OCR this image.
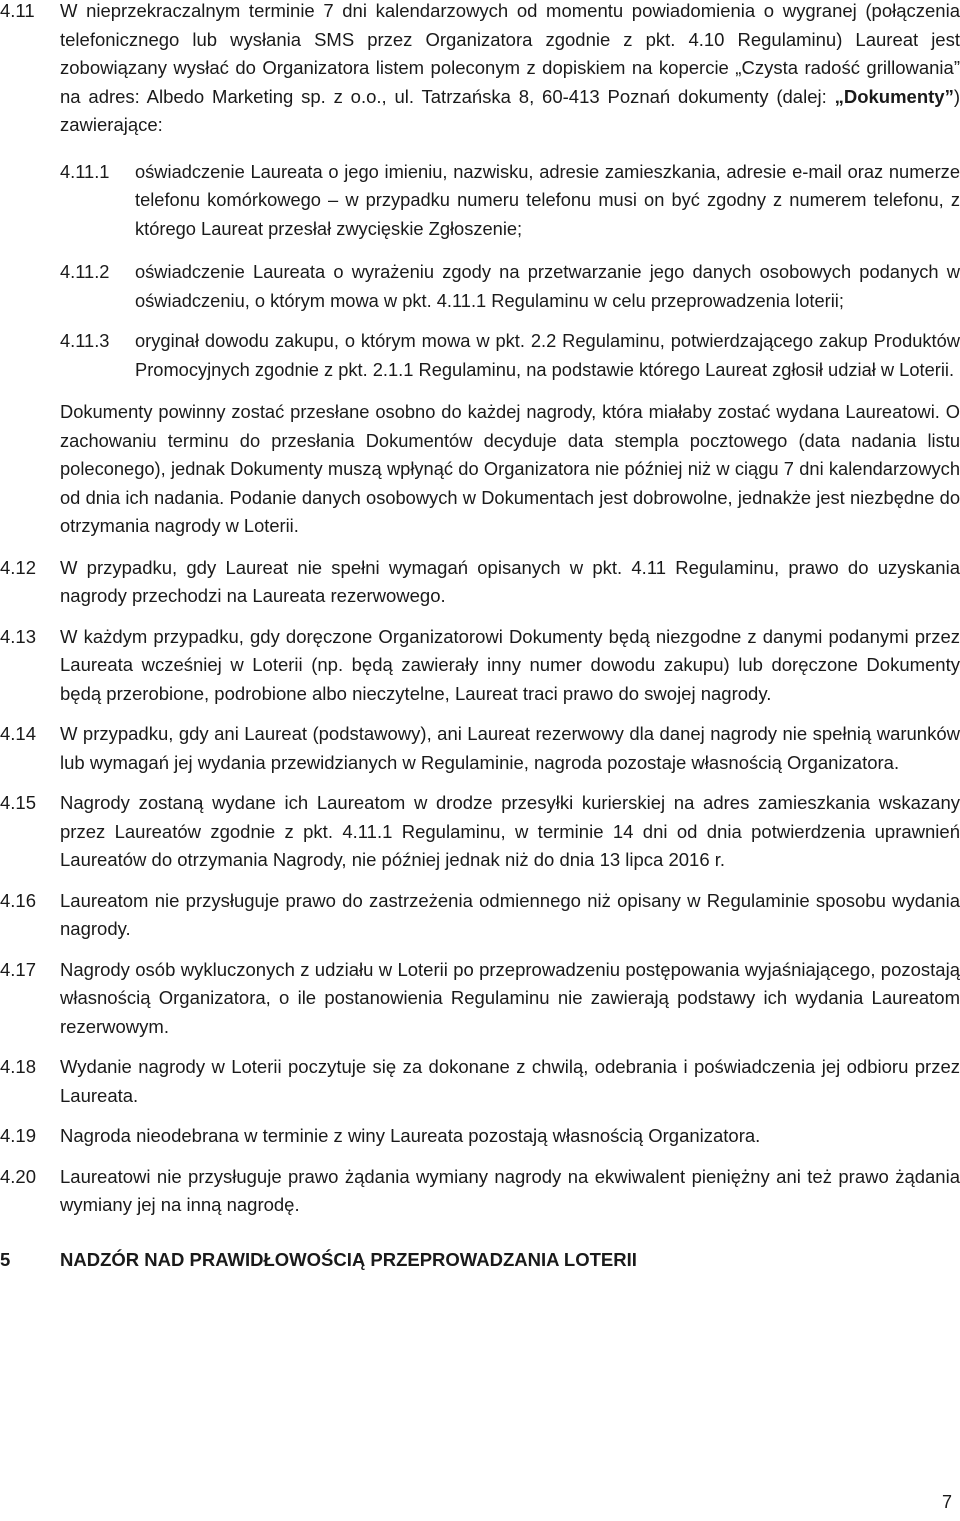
4.11 W nieprzekraczalnym terminie 7 dni kalendarzowych od momentu powiadomienia o wygranej (połączenia telefonicznego lub wysłania SMS przez Organizatora zgodnie z pkt. 4.10 Regulaminu) Laureat jest zobowiązany wysłać do Organizatora listem poleconym z dopiskiem na kopercie „Czysta radość grillowania” na adres: Albedo Marketing sp. z o.o., ul. Tatrzańska 8, 60-413 Poznań dokumenty (dalej: „Dokumenty”) zawierające:
4.11.1 oświadczenie Laureata o jego imieniu, nazwisku, adresie zamieszkania, adresie e-mail oraz numerze telefonu komórkowego – w przypadku numeru telefonu musi on być zgodny z numerem telefonu, z którego Laureat przesłał zwycięskie Zgłoszenie;
4.11.2 oświadczenie Laureata o wyrażeniu zgody na przetwarzanie jego danych osobowych podanych w oświadczeniu, o którym mowa w pkt. 4.11.1 Regulaminu w celu przeprowadzenia loterii;
4.11.3 oryginał dowodu zakupu, o którym mowa w pkt. 2.2 Regulaminu, potwierdzającego zakup Produktów Promocyjnych zgodnie z pkt. 2.1.1 Regulaminu, na podstawie którego Laureat zgłosił udział w Loterii.
Dokumenty powinny zostać przesłane osobno do każdej nagrody, która miałaby zostać wydana Laureatowi. O zachowaniu terminu do przesłania Dokumentów decyduje data stempla pocztowego (data nadania listu poleconego), jednak Dokumenty muszą wpłynąć do Organizatora nie później niż w ciągu 7 dni kalendarzowych od dnia ich nadania. Podanie danych osobowych w Dokumentach jest dobrowolne, jednakże jest niezbędne do otrzymania nagrody w Loterii.
4.12 W przypadku, gdy Laureat nie spełni wymagań opisanych w pkt. 4.11 Regulaminu, prawo do uzyskania nagrody przechodzi na Laureata rezerwowego.
4.13 W każdym przypadku, gdy doręczone Organizatorowi Dokumenty będą niezgodne z danymi podanymi przez Laureata wcześniej w Loterii (np. będą zawierały inny numer dowodu zakupu) lub doręczone Dokumenty będą przerobione, podrobione albo nieczytelne, Laureat traci prawo do swojej nagrody.
4.14 W przypadku, gdy ani Laureat (podstawowy), ani Laureat rezerwowy dla danej nagrody nie spełnią warunków lub wymagań jej wydania przewidzianych w Regulaminie, nagroda pozostaje własnością Organizatora.
4.15 Nagrody zostaną wydane ich Laureatom w drodze przesyłki kurierskiej na adres zamieszkania wskazany przez Laureatów zgodnie z pkt. 4.11.1 Regulaminu, w terminie 14 dni od dnia potwierdzenia uprawnień Laureatów do otrzymania Nagrody, nie później jednak niż do dnia 13 lipca 2016 r.
4.16 Laureatom nie przysługuje prawo do zastrzeżenia odmiennego niż opisany w Regulaminie sposobu wydania nagrody.
4.17 Nagrody osób wykluczonych z udziału w Loterii po przeprowadzeniu postępowania wyjaśniającego, pozostają własnością Organizatora, o ile postanowienia Regulaminu nie zawierają podstawy ich wydania Laureatom rezerwowym.
4.18 Wydanie nagrody w Loterii poczytuje się za dokonane z chwilą, odebrania i poświadczenia jej odbioru przez Laureata.
4.19 Nagroda nieodebrana w terminie z winy Laureata pozostają własnością Organizatora.
4.20 Laureatowi nie przysługuje prawo żądania wymiany nagrody na ekwiwalent pieniężny ani też prawo żądania wymiany jej na inną nagrodę.
5	NADZÓR NAD PRAWIDŁOWOŚCIĄ PRZEPROWADZANIA LOTERII
7
